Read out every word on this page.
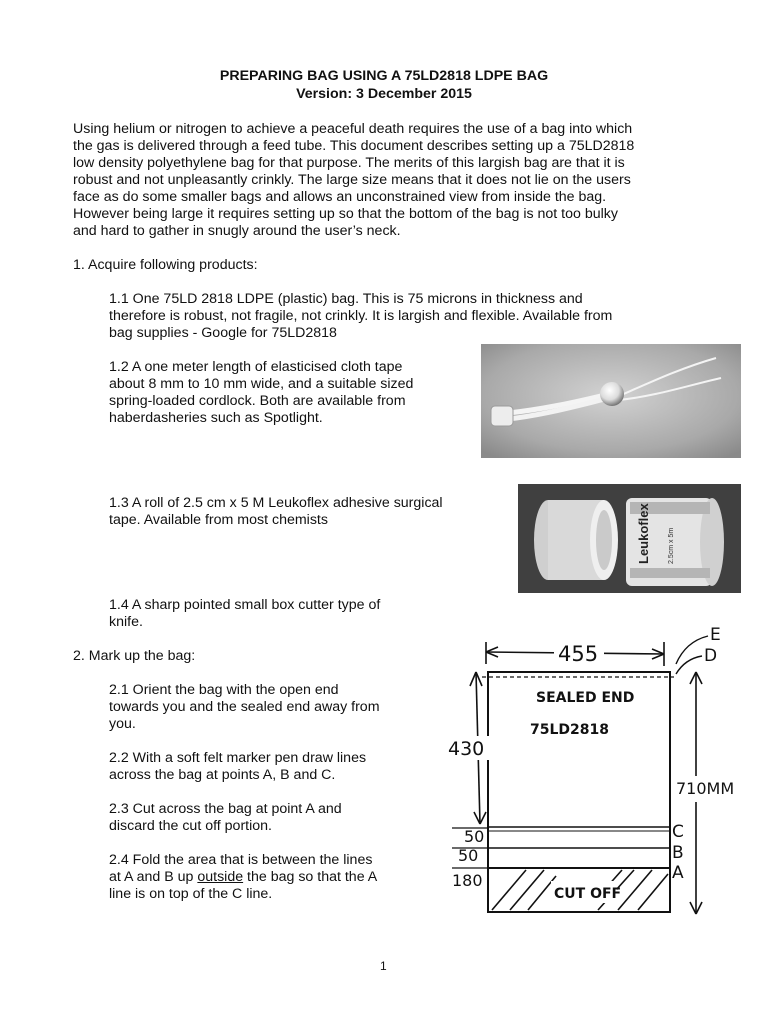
PREPARING BAG USING A 75LD2818 LDPE BAG
Version: 3 December 2015
Using helium or nitrogen to achieve a peaceful death requires the use of a bag into which
the gas is delivered through a feed tube. This document describes setting up a 75LD2818
low density polyethylene bag for that purpose. The merits of this largish bag are that it is
robust and not unpleasantly crinkly. The large size means that it does not lie on the users
face as do some smaller bags and allows an unconstrained view from inside the bag.
However being large it requires setting up so that the bottom of the bag is not too bulky
and hard to gather in snugly around the user’s neck.
1. Acquire following products:
1.1 One 75LD 2818 LDPE (plastic) bag. This is 75 microns in thickness and
therefore is robust, not fragile, not crinkly. It is largish and flexible. Available from
bag supplies - Google for 75LD2818
1.2 A one meter length of elasticised cloth tape
about 8 mm to 10 mm wide, and a suitable sized
spring-loaded cordlock. Both are available from
haberdasheries such as Spotlight.
1.3 A roll of 2.5 cm x 5 M Leukoflex adhesive surgical
tape. Available from most chemists	Leukoflex 2.5cm x 5m
1.4 A sharp pointed small box cutter type of
knife.
2. Mark up the bag:
2.1 Orient the bag with the open end
towards you and the sealed end away from
you.
2.2 With a soft felt marker pen draw lines
across the bag at points A, B and C.
2.3 Cut across the bag at point A and
discard the cut off portion.
2.4 Fold the area that is between the lines
at A and B up outside the bag so that the A
line is on top of the C line.
455
E
D
SEALED END
75LD2818
CUT OFF
C
B
A
710MM
430
50
50
180
1
